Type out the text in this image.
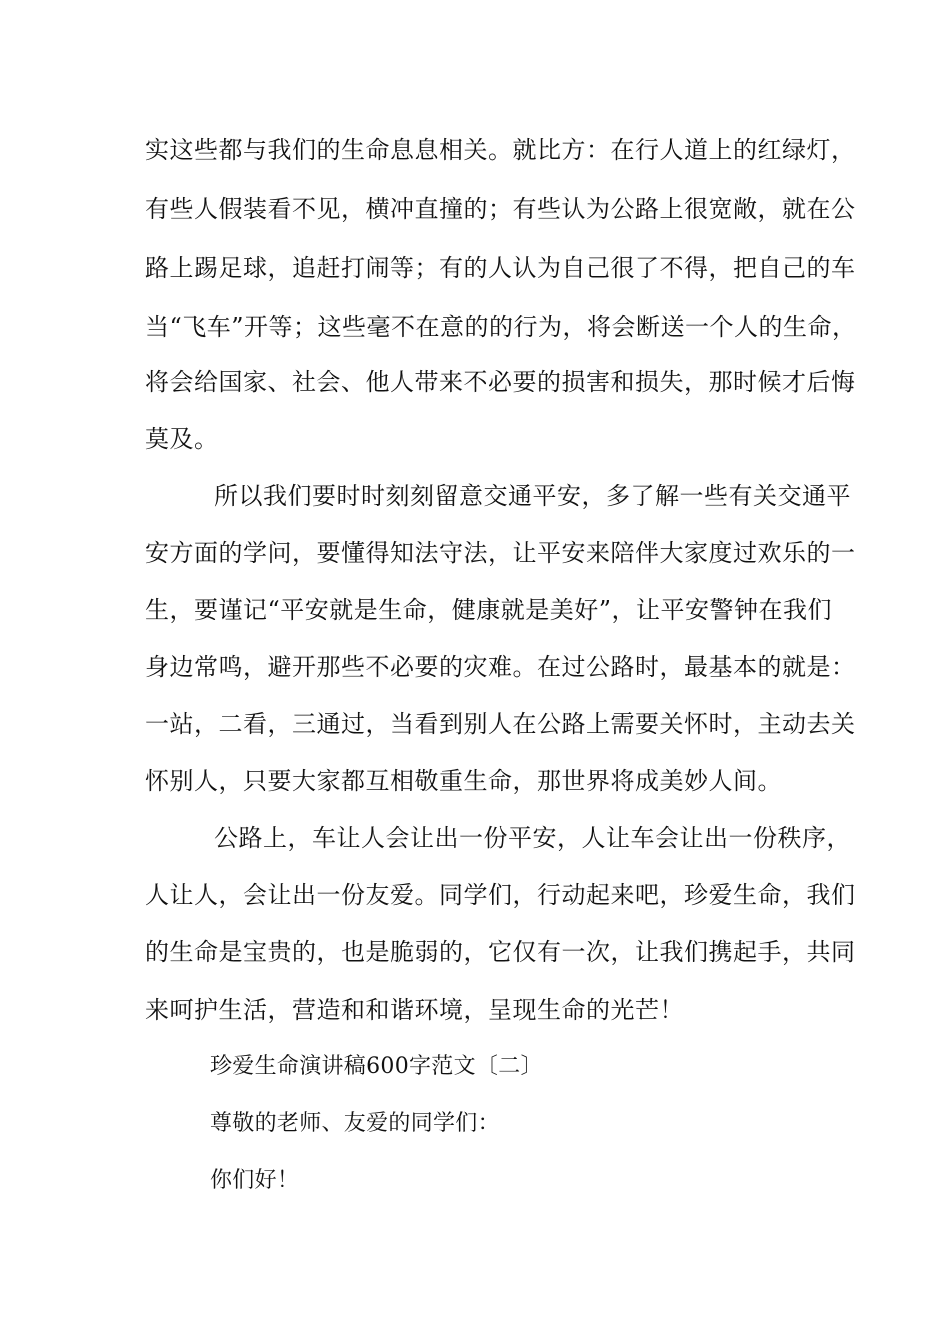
实这些都与我们的生命息息相关。就比方：在行人道上的红绿灯，
有些人假装看不见，横冲直撞的；有些认为公路上很宽敞，就在公
路上踢足球，追赶打闹等；有的人认为自己很了不得，把自己的车
当“飞车”开等；这些毫不在意的的行为，将会断送一个人的生命，
将会给国家、社会、他人带来不必要的损害和损失，那时候才后悔
莫及。
所以我们要时时刻刻留意交通平安，多了解一些有关交通平
安方面的学问，要懂得知法守法，让平安来陪伴大家度过欢乐的一
生，要谨记“平安就是生命，健康就是美好”，让平安警钟在我们
身边常鸣，避开那些不必要的灾难。在过公路时，最基本的就是：
一站，二看，三通过，当看到别人在公路上需要关怀时，主动去关
怀别人，只要大家都互相敬重生命，那世界将成美妙人间。
公路上，车让人会让出一份平安，人让车会让出一份秩序，
人让人，会让出一份友爱。同学们，行动起来吧，珍爱生命，我们
的生命是宝贵的，也是脆弱的，它仅有一次，让我们携起手，共同
来呵护生活，营造和和谐环境，呈现生命的光芒！
珍爱生命演讲稿600字范文〔二〕
尊敬的老师、友爱的同学们：
你们好！
